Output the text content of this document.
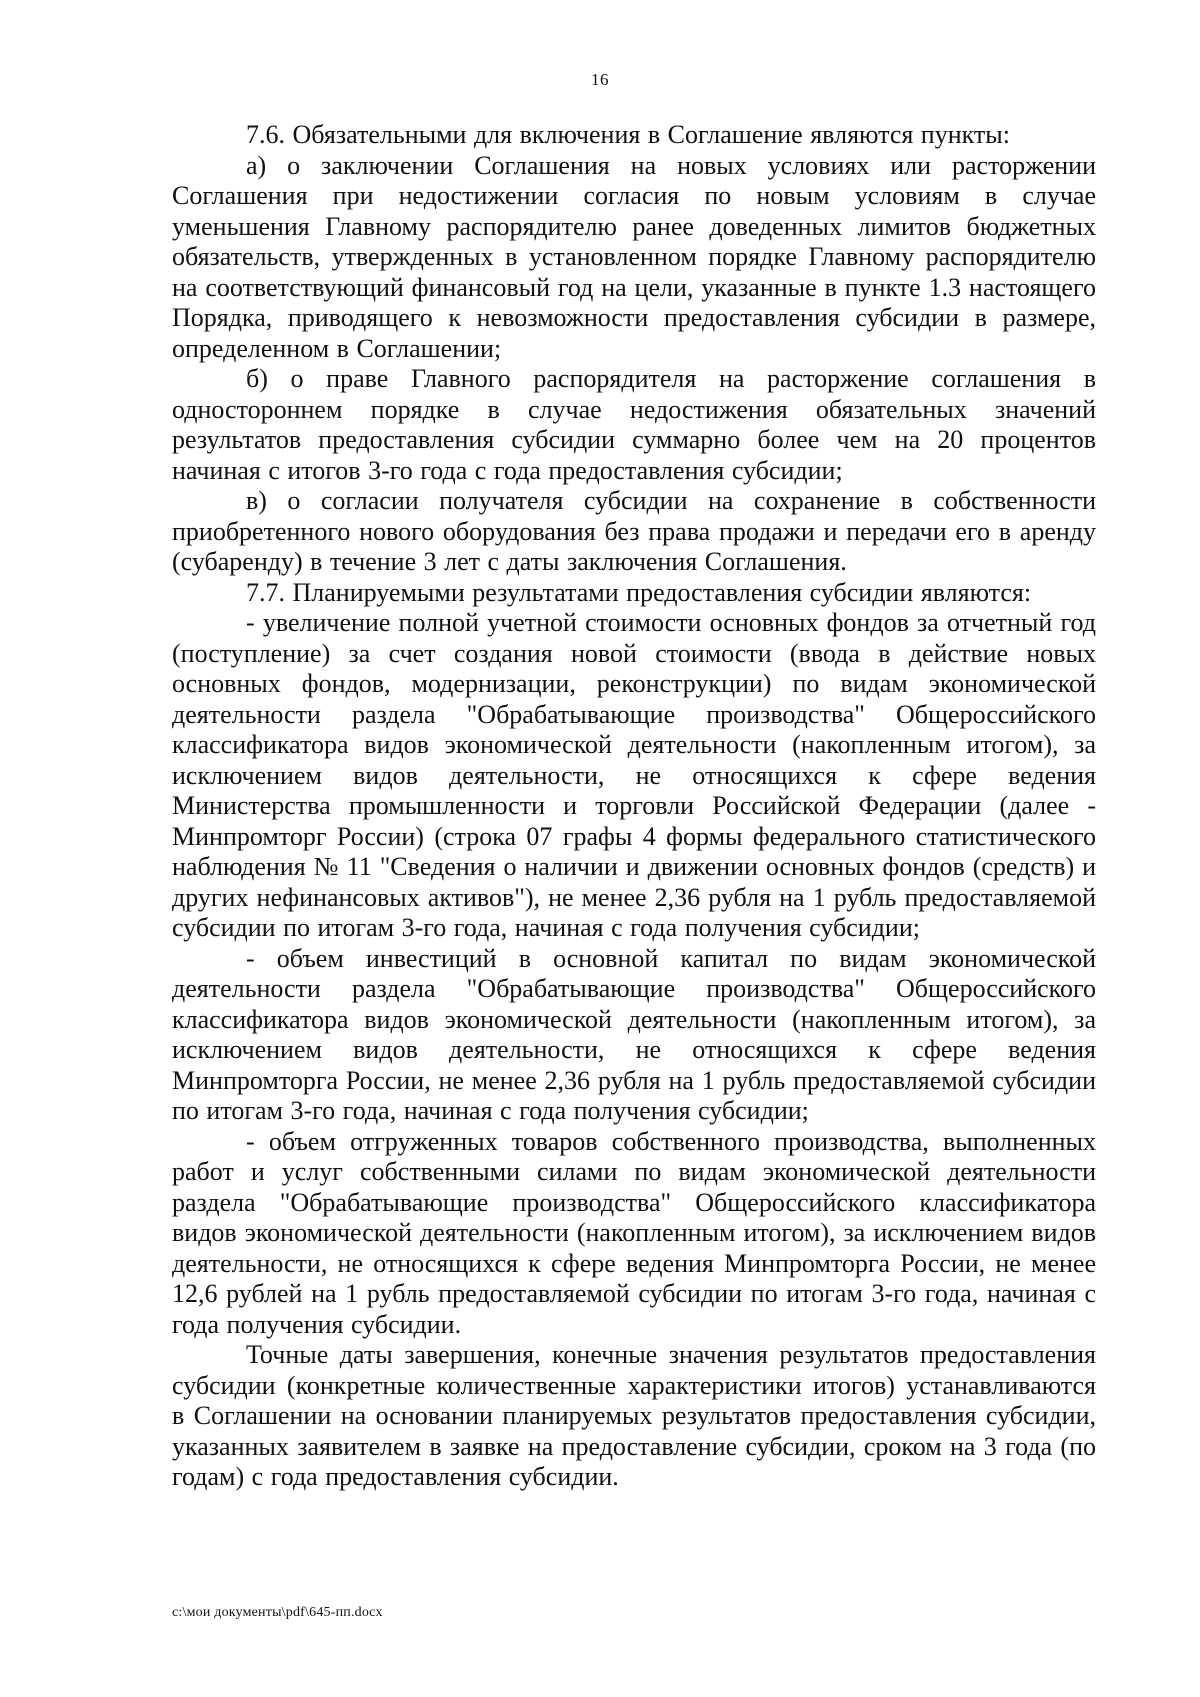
16

7.6. Обязательными для включения в Соглашение являются пункты:

а) о заключении Соглашения на новых условиях или расторжении Соглашения при недостижении согласия по новым условиям в случае уменьшения Главному распорядителю ранее доведенных лимитов бюджетных обязательств, утвержденных в установленном порядке Главному распорядителю на соответствующий финансовый год на цели, указанные в пункте 1.3 настоящего Порядка, приводящего к невозможности предоставления субсидии в размере, определенном в Соглашении;

б) о праве Главного распорядителя на расторжение соглашения в одностороннем порядке в случае недостижения обязательных значений результатов предоставления субсидии суммарно более чем на 20 процентов начиная с итогов 3-го года с года предоставления субсидии;

в) о согласии получателя субсидии на сохранение в собственности приобретенного нового оборудования без права продажи и передачи его в аренду (субаренду) в течение 3 лет с даты заключения Соглашения.

7.7. Планируемыми результатами предоставления субсидии являются:

- увеличение полной учетной стоимости основных фондов за отчетный год (поступление) за счет создания новой стоимости (ввода в действие новых основных фондов, модернизации, реконструкции) по видам экономической деятельности раздела "Обрабатывающие производства" Общероссийского классификатора видов экономической деятельности (накопленным итогом), за исключением видов деятельности, не относящихся к сфере ведения Министерства промышленности и торговли Российской Федерации (далее - Минпромторг России) (строка 07 графы 4 формы федерального статистического наблюдения № 11 "Сведения о наличии и движении основных фондов (средств) и других нефинансовых активов"), не менее 2,36 рубля на 1 рубль предоставляемой субсидии по итогам 3-го года, начиная с года получения субсидии;

- объем инвестиций в основной капитал по видам экономической деятельности раздела "Обрабатывающие производства" Общероссийского классификатора видов экономической деятельности (накопленным итогом), за исключением видов деятельности, не относящихся к сфере ведения Минпромторга России, не менее 2,36 рубля на 1 рубль предоставляемой субсидии по итогам 3-го года, начиная с года получения субсидии;

- объем отгруженных товаров собственного производства, выполненных работ и услуг собственными силами по видам экономической деятельности раздела "Обрабатывающие производства" Общероссийского классификатора видов экономической деятельности (накопленным итогом), за исключением видов деятельности, не относящихся к сфере ведения Минпромторга России, не менее 12,6 рублей на 1 рубль предоставляемой субсидии по итогам 3-го года, начиная с года получения субсидии.

Точные даты завершения, конечные значения результатов предоставления субсидии (конкретные количественные характеристики итогов) устанавливаются в Соглашении на основании планируемых результатов предоставления субсидии, указанных заявителем в заявке на предоставление субсидии, сроком на 3 года (по годам) с года предоставления субсидии.

c:\мои документы\pdf\645-пп.docx
